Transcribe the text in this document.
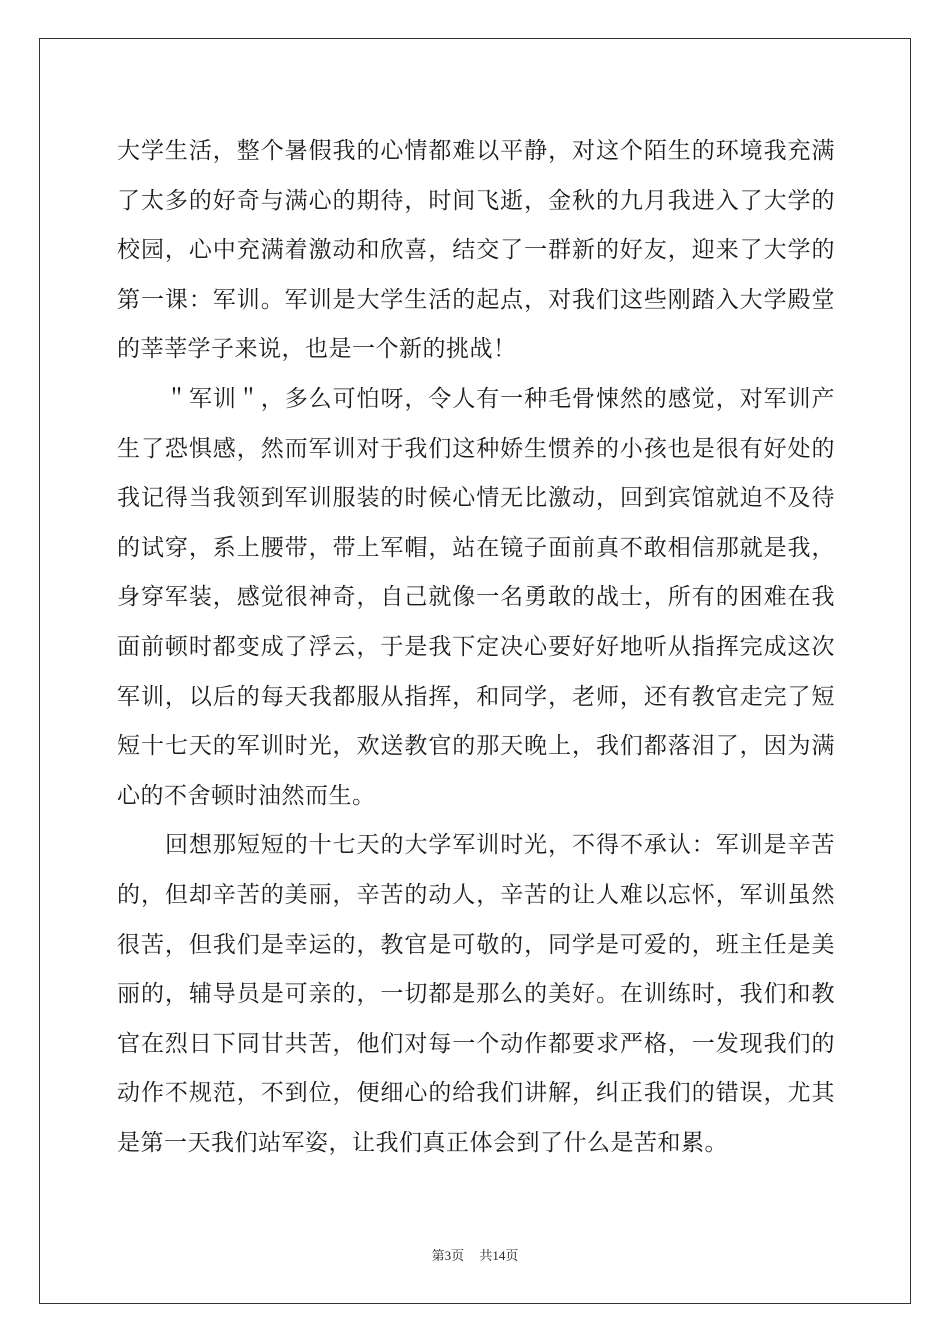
大学生活，整个暑假我的心情都难以平静，对这个陌生的环境我充满
了太多的好奇与满心的期待，时间飞逝，金秋的九月我进入了大学的
校园，心中充满着激动和欣喜，结交了一群新的好友，迎来了大学的
第一课：军训。军训是大学生活的起点，对我们这些刚踏入大学殿堂
的莘莘学子来说，也是一个新的挑战！
＂军训＂，多么可怕呀，令人有一种毛骨悚然的感觉，对军训产
生了恐惧感，然而军训对于我们这种娇生惯养的小孩也是很有好处的
我记得当我领到军训服装的时候心情无比激动，回到宾馆就迫不及待
的试穿，系上腰带，带上军帽，站在镜子面前真不敢相信那就是我，
身穿军装，感觉很神奇，自己就像一名勇敢的战士，所有的困难在我
面前顿时都变成了浮云，于是我下定决心要好好地听从指挥完成这次
军训，以后的每天我都服从指挥，和同学，老师，还有教官走完了短
短十七天的军训时光，欢送教官的那天晚上，我们都落泪了，因为满
心的不舍顿时油然而生。
回想那短短的十七天的大学军训时光，不得不承认：军训是辛苦
的，但却辛苦的美丽，辛苦的动人，辛苦的让人难以忘怀，军训虽然
很苦，但我们是幸运的，教官是可敬的，同学是可爱的，班主任是美
丽的，辅导员是可亲的，一切都是那么的美好。在训练时，我们和教
官在烈日下同甘共苦，他们对每一个动作都要求严格，一发现我们的
动作不规范，不到位，便细心的给我们讲解，纠正我们的错误，尤其
是第一天我们站军姿，让我们真正体会到了什么是苦和累。
第3页 共14页
